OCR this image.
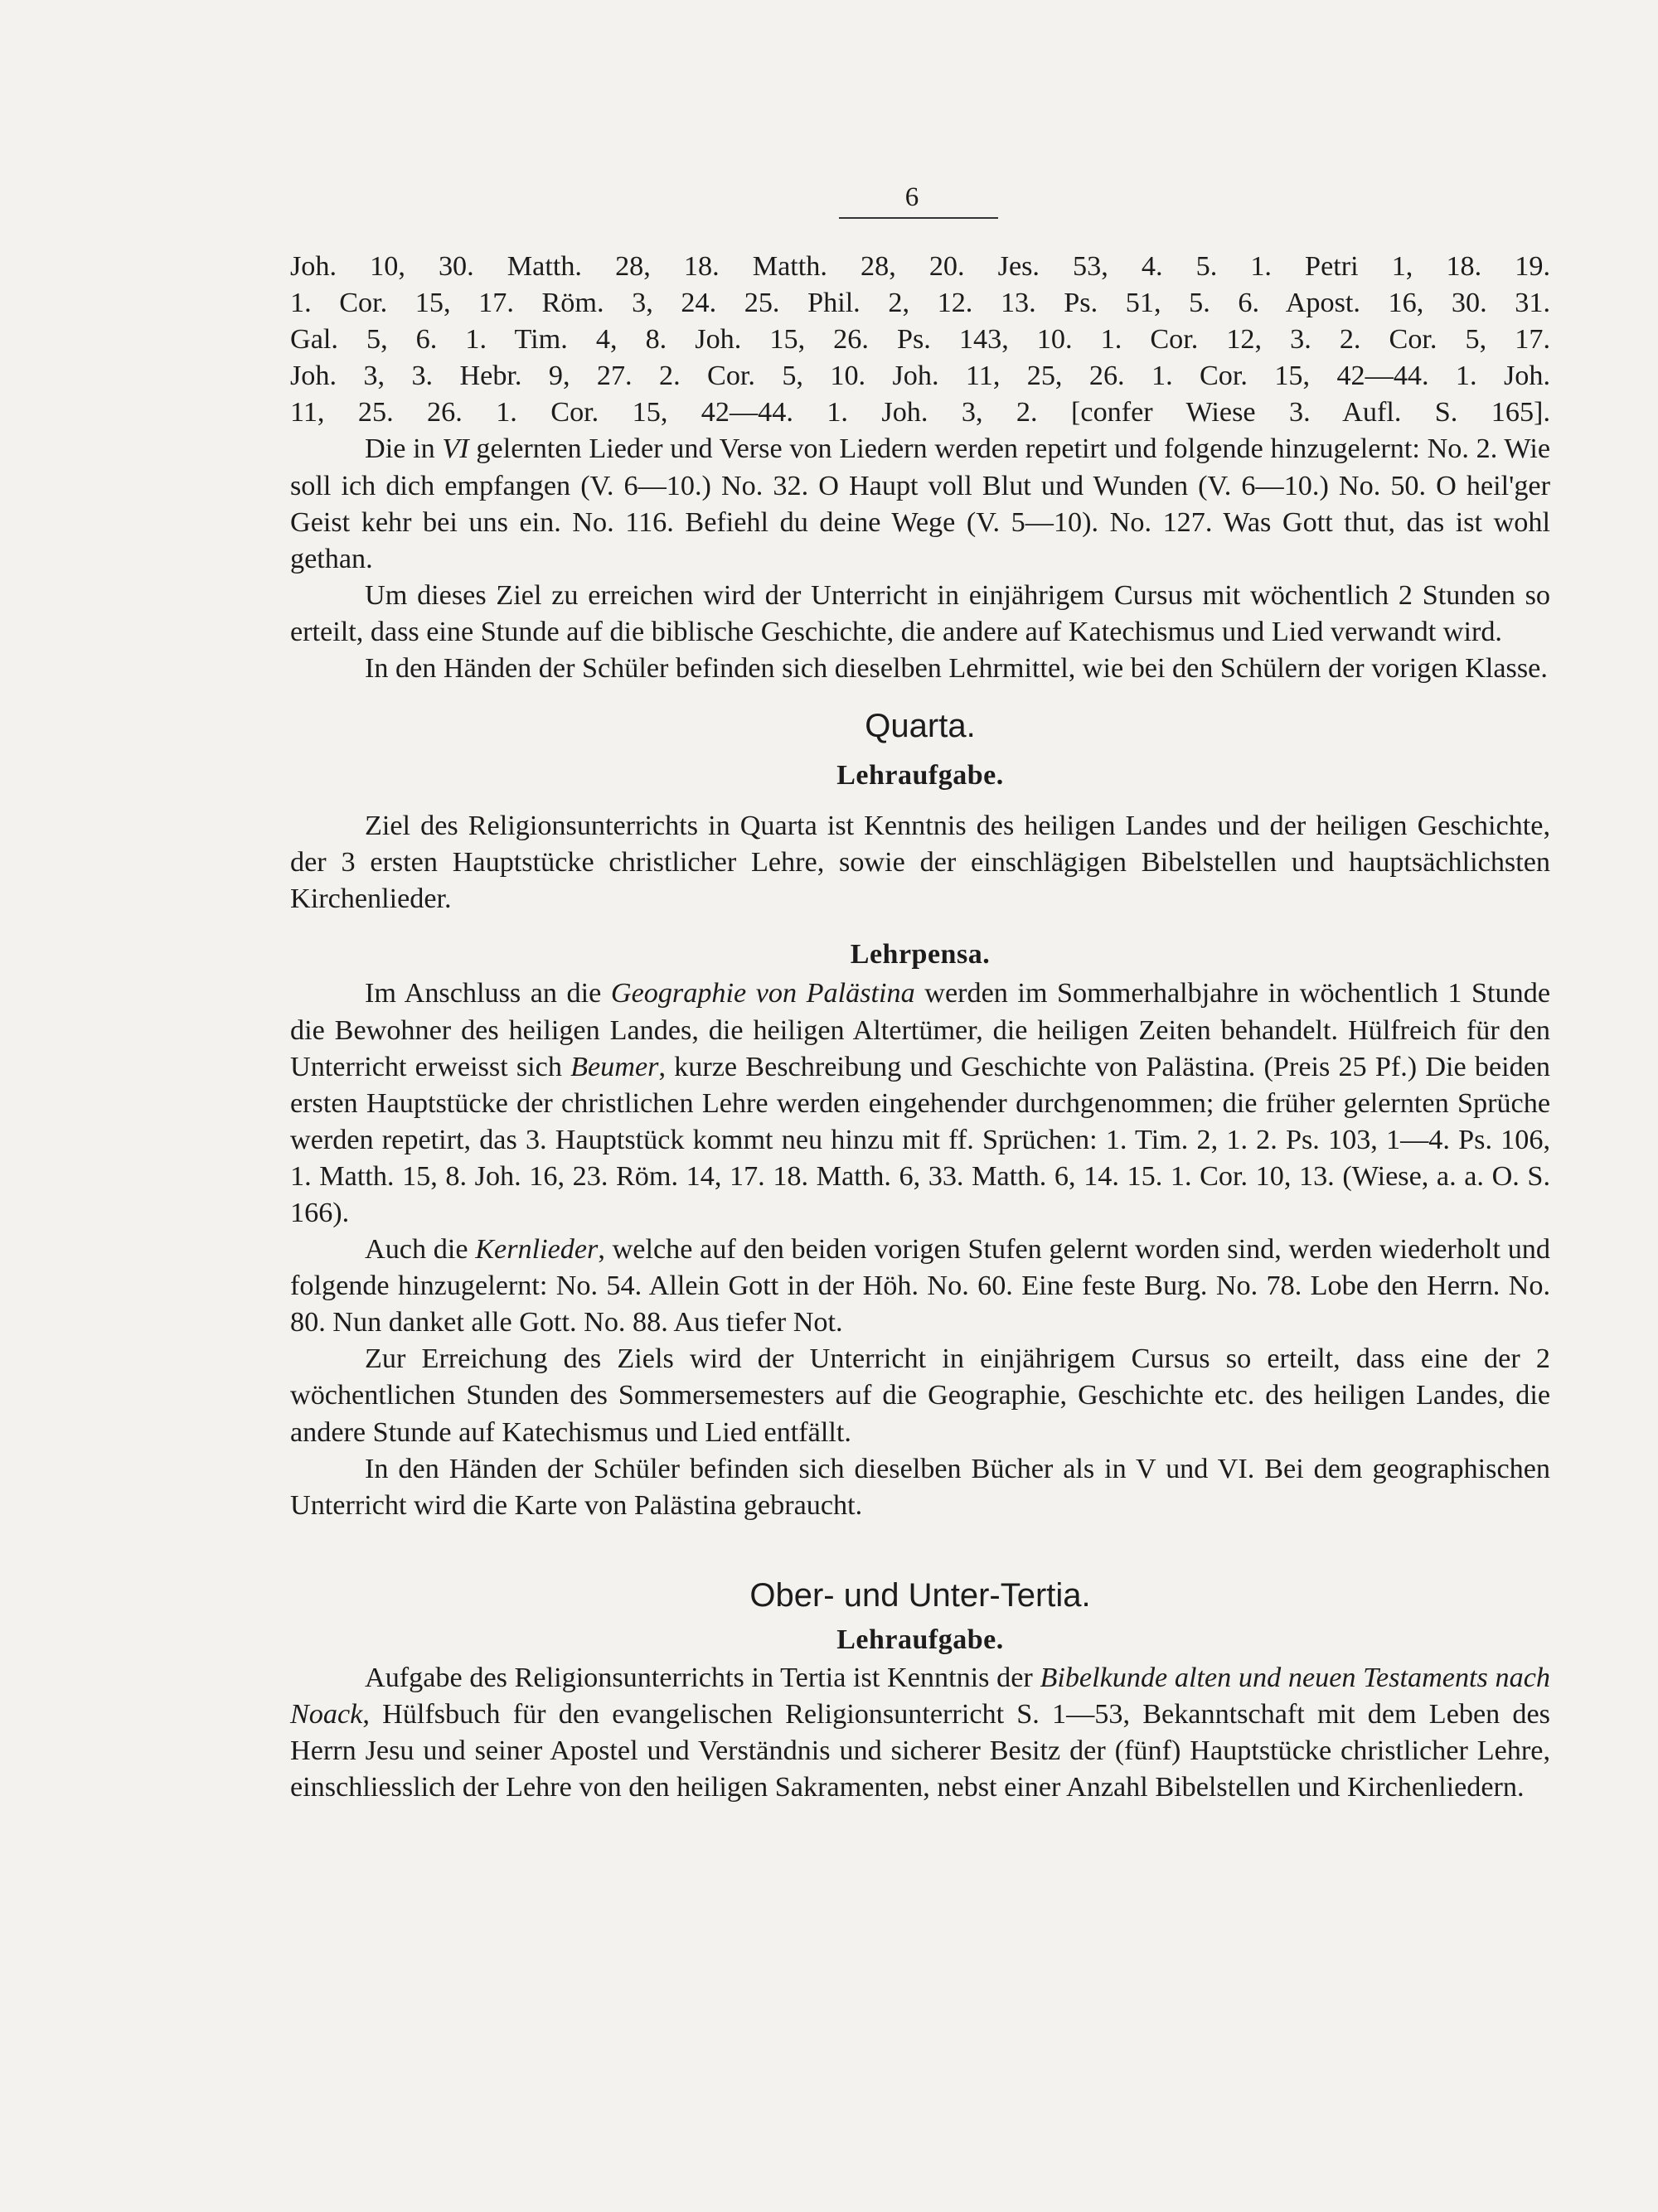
6
Joh. 10, 30. Matth. 28, 18. Matth. 28, 20. Jes. 53, 4. 5. 1. Petri 1, 18. 19.
1. Cor. 15, 17. Röm. 3, 24. 25. Phil. 2, 12. 13. Ps. 51, 5. 6. Apost. 16, 30. 31.
Gal. 5, 6. 1. Tim. 4, 8. Joh. 15, 26. Ps. 143, 10. 1. Cor. 12, 3. 2. Cor. 5, 17.
Joh. 3, 3. Hebr. 9, 27. 2. Cor. 5, 10. Joh. 11, 25, 26. 1. Cor. 15, 42—44. 1. Joh.
11, 25. 26. 1. Cor. 15, 42—44. 1. Joh. 3, 2. [confer Wiese 3. Aufl. S. 165].

Die in VI gelernten Lieder und Verse von Liedern werden repetirt und folgende hinzugelernt: No. 2. Wie soll ich dich empfangen (V. 6—10.) No. 32. O Haupt voll Blut und Wunden (V. 6—10.) No. 50. O heil'ger Geist kehr bei uns ein. No. 116. Befiehl du deine Wege (V. 5—10). No. 127. Was Gott thut, das ist wohl gethan.

Um dieses Ziel zu erreichen wird der Unterricht in einjährigem Cursus mit wöchentlich 2 Stunden so erteilt, dass eine Stunde auf die biblische Geschichte, die andere auf Katechismus und Lied verwandt wird.

In den Händen der Schüler befinden sich dieselben Lehrmittel, wie bei den Schülern der vorigen Klasse.

Quarta.
Lehraufgabe.

Ziel des Religionsunterrichts in Quarta ist Kenntnis des heiligen Landes und der heiligen Geschichte, der 3 ersten Hauptstücke christlicher Lehre, sowie der einschlägigen Bibelstellen und hauptsächlichsten Kirchenlieder.

Lehrpensa.

Im Anschluss an die Geographie von Palästina werden im Sommerhalbjahre in wöchentlich 1 Stunde die Bewohner des heiligen Landes, die heiligen Altertümer, die heiligen Zeiten behandelt. Hülfreich für den Unterricht erweisst sich Beumer, kurze Beschreibung und Geschichte von Palästina. (Preis 25 Pf.) Die beiden ersten Hauptstücke der christlichen Lehre werden eingehender durchgenommen; die früher gelernten Sprüche werden repetirt, das 3. Hauptstück kommt neu hinzu mit ff. Sprüchen: 1. Tim. 2, 1. 2. Ps. 103, 1—4. Ps. 106, 1. Matth. 15, 8. Joh. 16, 23. Röm. 14, 17. 18. Matth. 6, 33. Matth. 6, 14. 15. 1. Cor. 10, 13. (Wiese, a. a. O. S. 166).

Auch die Kernlieder, welche auf den beiden vorigen Stufen gelernt worden sind, werden wiederholt und folgende hinzugelernt: No. 54. Allein Gott in der Höh. No. 60. Eine feste Burg. No. 78. Lobe den Herrn. No. 80. Nun danket alle Gott. No. 88. Aus tiefer Not.

Zur Erreichung des Ziels wird der Unterricht in einjährigem Cursus so erteilt, dass eine der 2 wöchentlichen Stunden des Sommersemesters auf die Geographie, Geschichte etc. des heiligen Landes, die andere Stunde auf Katechismus und Lied entfällt.

In den Händen der Schüler befinden sich dieselben Bücher als in V und VI. Bei dem geographischen Unterricht wird die Karte von Palästina gebraucht.

Ober- und Unter-Tertia.
Lehraufgabe.

Aufgabe des Religionsunterrichts in Tertia ist Kenntnis der Bibelkunde alten und neuen Testaments nach Noack, Hülfsbuch für den evangelischen Religionsunterricht S. 1—53, Bekanntschaft mit dem Leben des Herrn Jesu und seiner Apostel und Verständnis und sicherer Besitz der (fünf) Hauptstücke christlicher Lehre, einschliesslich der Lehre von den heiligen Sakramenten, nebst einer Anzahl Bibelstellen und Kirchenliedern.
